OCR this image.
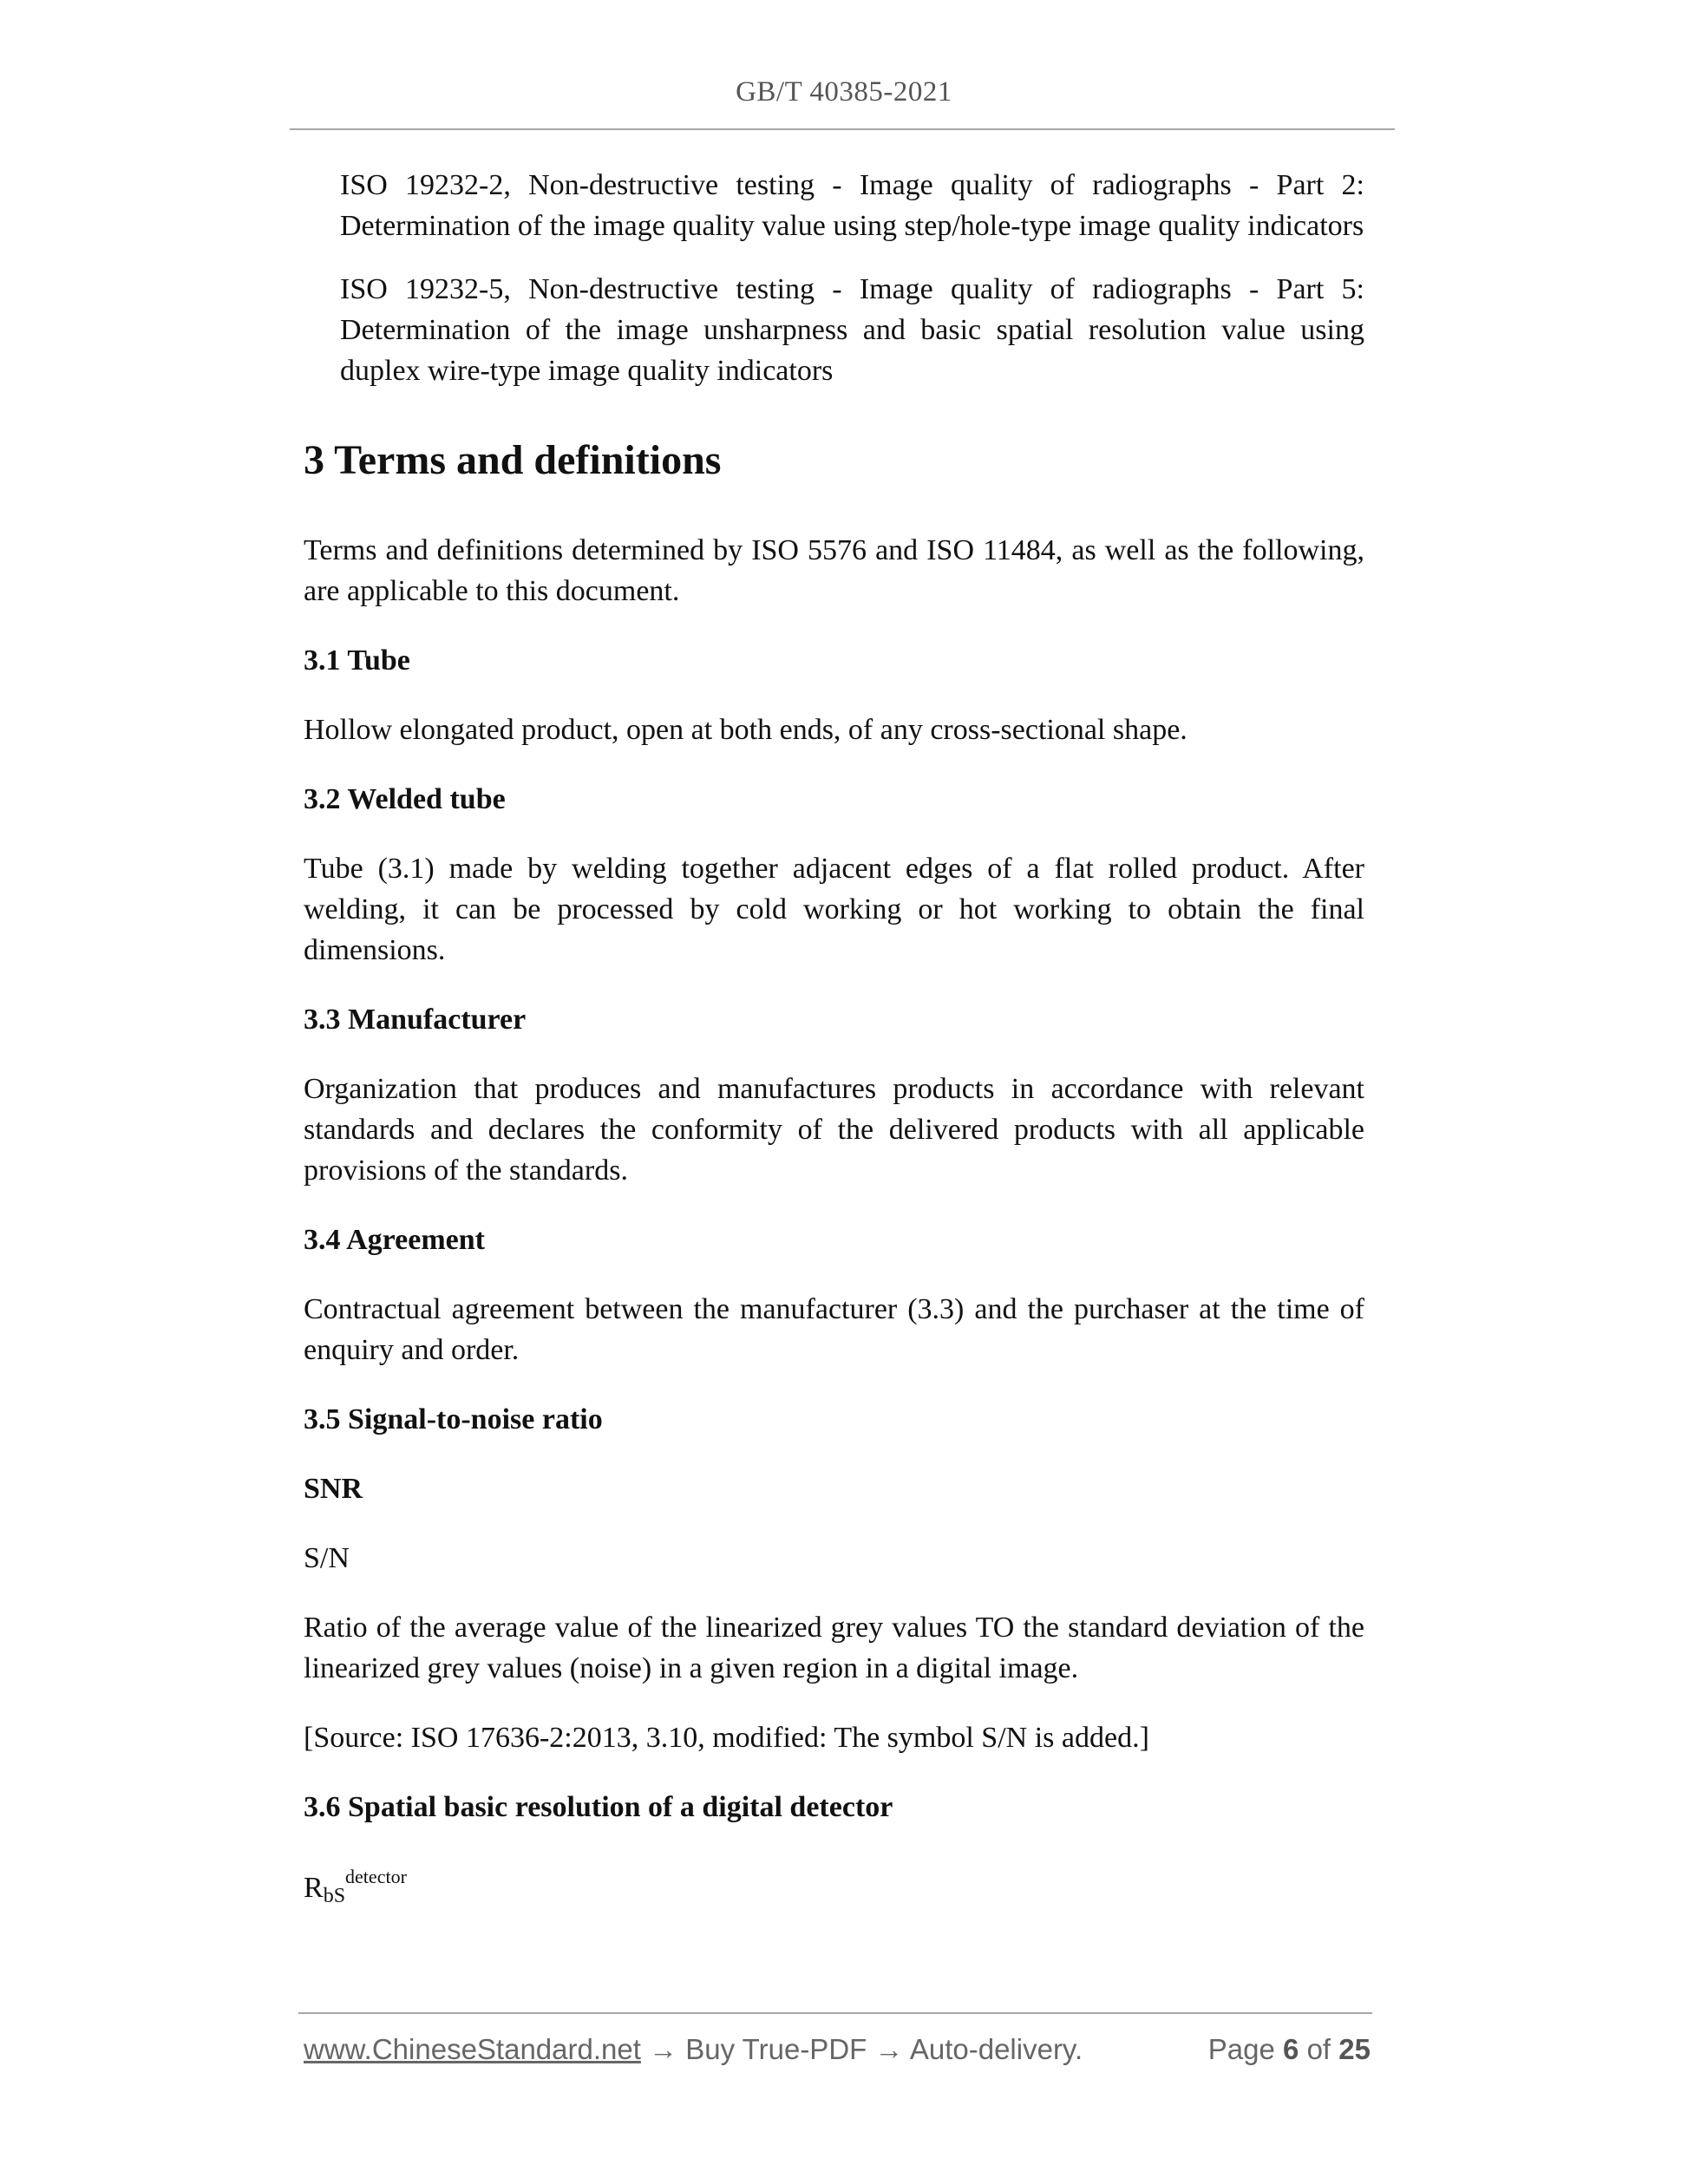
GB/T 40385-2021

ISO 19232-2, Non-destructive testing - Image quality of radiographs - Part 2: Determination of the image quality value using step/hole-type image quality indicators

ISO 19232-5, Non-destructive testing - Image quality of radiographs - Part 5: Determination of the image unsharpness and basic spatial resolution value using duplex wire-type image quality indicators

3 Terms and definitions

Terms and definitions determined by ISO 5576 and ISO 11484, as well as the following, are applicable to this document.

3.1 Tube

Hollow elongated product, open at both ends, of any cross-sectional shape.

3.2 Welded tube

Tube (3.1) made by welding together adjacent edges of a flat rolled product. After welding, it can be processed by cold working or hot working to obtain the final dimensions.

3.3 Manufacturer

Organization that produces and manufactures products in accordance with relevant standards and declares the conformity of the delivered products with all applicable provisions of the standards.

3.4 Agreement

Contractual agreement between the manufacturer (3.3) and the purchaser at the time of enquiry and order.

3.5 Signal-to-noise ratio

SNR

S/N

Ratio of the average value of the linearized grey values TO the standard deviation of the linearized grey values (noise) in a given region in a digital image.

[Source: ISO 17636-2:2013, 3.10, modified: The symbol S/N is added.]

3.6 Spatial basic resolution of a digital detector

$R_{bS}^{detector}$

www.ChineseStandard.net → Buy True-PDF → Auto-delivery.	Page 6 of 25
